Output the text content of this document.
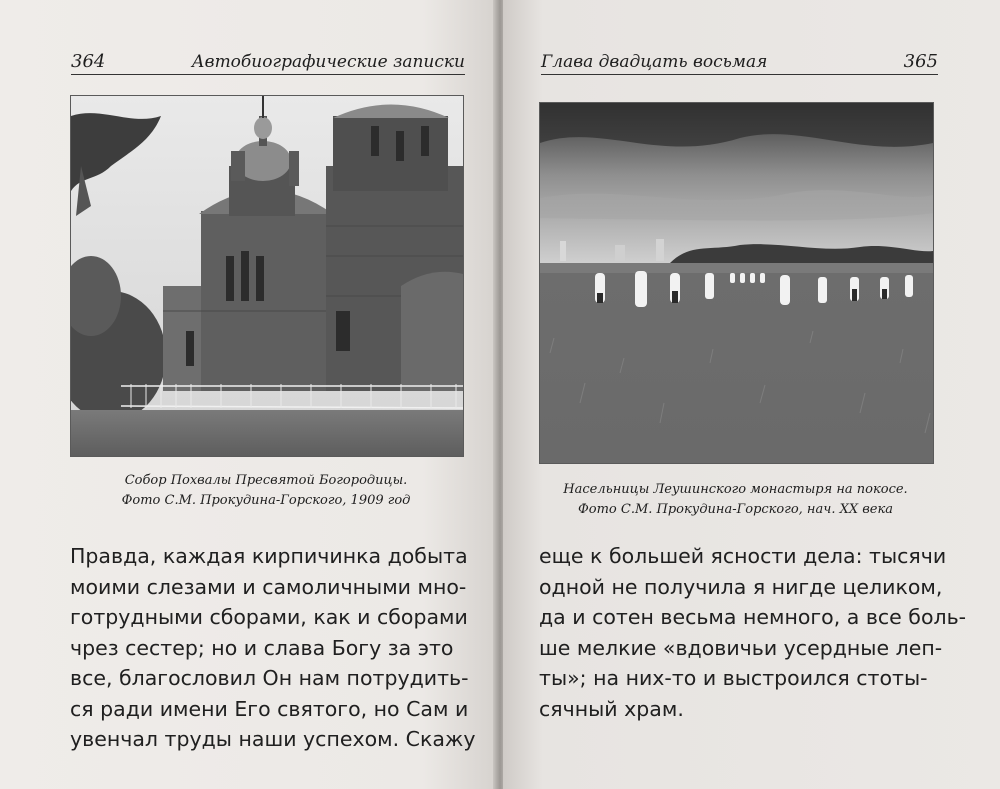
364	Автобиографические записки
Собор Похвалы Пресвятой Богородицы.
Фото С.М. Прокудина-Горского, 1909 год
Правда, каждая кирпичинка добыта
моими слезами и самоличными мно-
готрудными сборами, как и сборами
чрез сестер; но и слава Богу за это
все, благословил Он нам потрудить-
ся ради имени Его святого, но Сам и
увенчал труды наши успехом. Скажу
Глава двадцать восьмая	365
Насельницы Леушинского монастыря на покосе.
Фото С.М. Прокудина-Горского, нач. XX века
еще к большей ясности дела: тысячи
одной не получила я нигде целиком,
да и сотен весьма немного, а все боль-
ше мелкие «вдовичьи усердные леп-
ты»; на них-то и выстроился стоты-
сячный храм.
